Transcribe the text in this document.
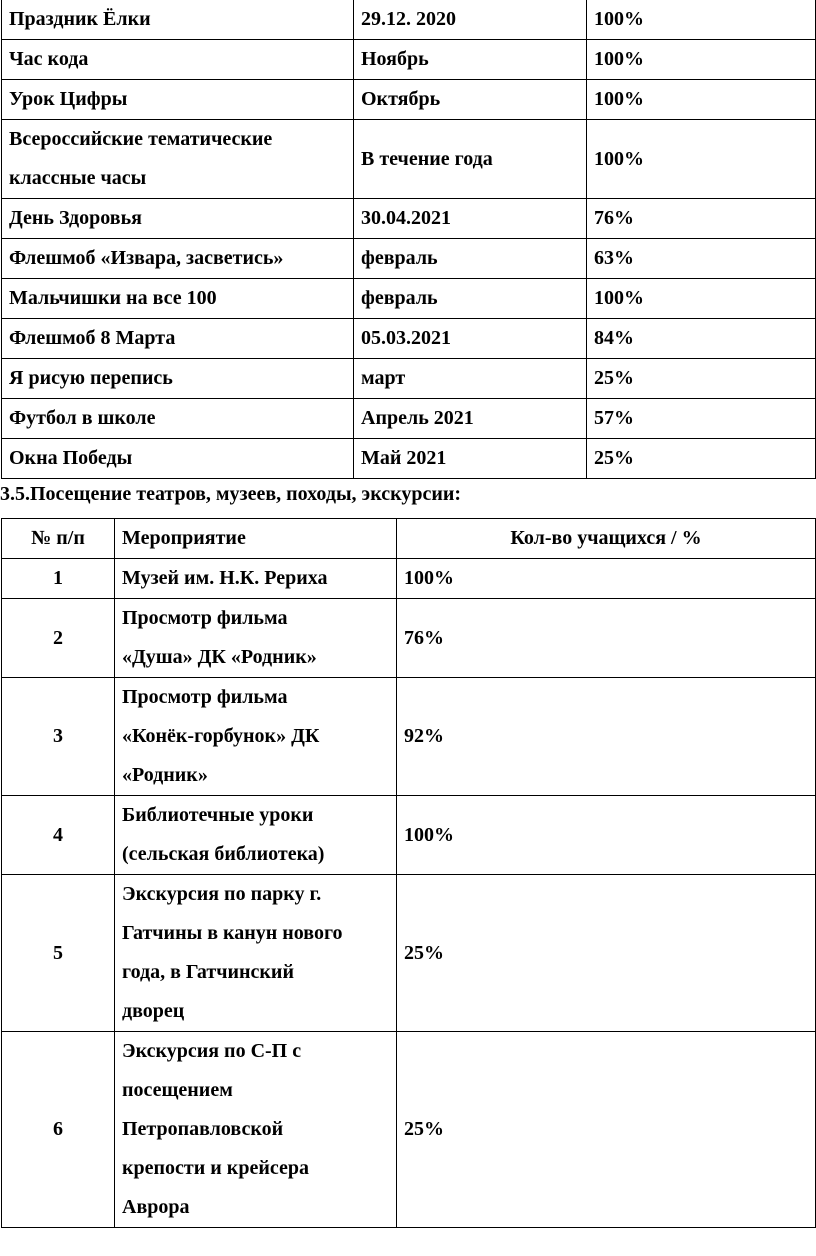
Праздник Ёлки	29.12. 2020	100%
Час кода	Ноябрь	100%
Урок Цифры	Октябрь	100%

Всероссийские тематические
классные часы	В течение года	100%
День Здоровья	30.04.2021	76%
Флешмоб «Извара, засветись»	февраль	63%
Мальчишки на все 100	февраль	100%
Флешмоб 8 Марта	05.03.2021	84%
Я рисую перепись	март	25%
Футбол в школе	Апрель 2021	57%
Окна Победы	Май 2021	25%
3.5.Посещение театров, музеев, походы, экскурсии:
№ п/п	Мероприятие	Кол-во учащихся / %
1	Музей им. Н.К. Рериха	100%
2	Просмотр фильма
«Душа» ДК «Родник»	76%
3	Просмотр фильма
«Конёк-горбунок» ДК
«Родник»	92%
4	Библиотечные уроки
(сельская библиотека)	100%
5	Экскурсия по парку г.
Гатчины в канун нового
года, в Гатчинский
дворец	25%
6	Экскурсия по С-П с
посещением
Петропавловской
крепости и крейсера
Аврора	25%
